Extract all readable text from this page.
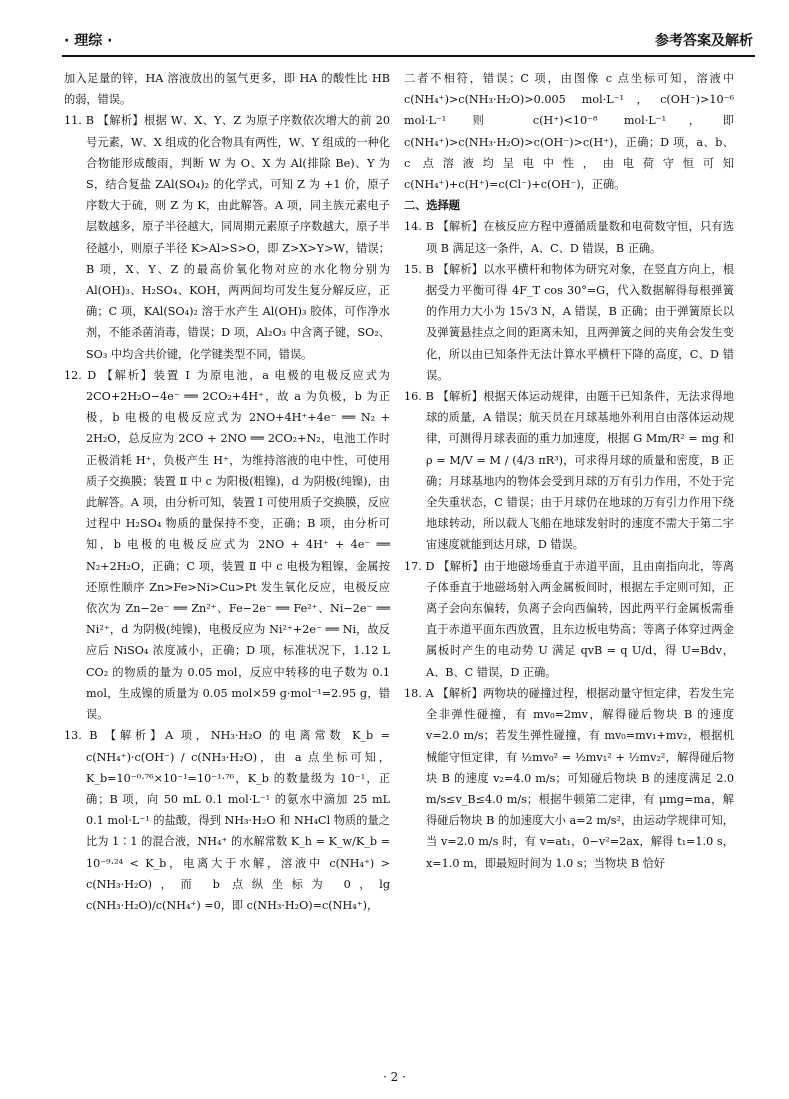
· 理综 ·	参考答案及解析

加入足量的锌，HA 溶液放出的氢气更多，即 HA 的酸性比 HB 的弱，错误。

11. B 【解析】根据 W、X、Y、Z 为原子序数依次增大的前 20 号元素，W、X 组成的化合物具有两性，W、Y 组成的一种化合物能形成酸雨，判断 W 为 O、X 为 Al(排除 Be)、Y 为 S，结合复盐 ZAl(SO₄)₂ 的化学式，可知 Z 为 +1 价，原子序数大于硫，则 Z 为 K，由此解答。A 项，同主族元素电子层数越多，原子半径越大，同周期元素原子序数越大，原子半径越小，则原子半径 K>Al>S>O，即 Z>X>Y>W，错误；B 项，X、Y、Z 的最高价氧化物对应的水化物分别为 Al(OH)₃、H₂SO₄、KOH，两两间均可发生复分解反应，正确；C 项，KAl(SO₄)₂ 溶于水产生 Al(OH)₃ 胶体，可作净水剂，不能杀菌消毒，错误；D 项，Al₂O₃ 中含离子键，SO₂、SO₃ 中均含共价键，化学键类型不同，错误。

12. D 【解析】装置 Ⅰ 为原电池，a 电极的电极反应式为 2CO+2H₂O−4e⁻ ══ 2CO₂+4H⁺，故 a 为负极，b 为正极，b 电极的电极反应式为 2NO+4H⁺+4e⁻ ══ N₂ + 2H₂O，总反应为 2CO + 2NO ══ 2CO₂+N₂，电池工作时正极消耗 H⁺，负极产生 H⁺，为维持溶液的电中性，可使用质子交换膜；装置 Ⅱ 中 c 为阳极(粗镍)，d 为阴极(纯镍)，由此解答。A 项，由分析可知，装置 Ⅰ 可使用质子交换膜，反应过程中 H₂SO₄ 物质的量保持不变，正确；B 项，由分析可知，b 电极的电极反应式为 2NO + 4H⁺ + 4e⁻ ══ N₂+2H₂O，正确；C 项，装置 Ⅱ 中 c 电极为粗镍，金属按还原性顺序 Zn>Fe>Ni>Cu>Pt 发生氧化反应，电极反应依次为 Zn−2e⁻ ══ Zn²⁺、Fe−2e⁻ ══ Fe²⁺、Ni−2e⁻ ══ Ni²⁺，d 为阴极(纯镍)，电极反应为 Ni²⁺+2e⁻ ══ Ni，故反应后 NiSO₄ 浓度减小，正确；D 项，标准状况下，1.12 L CO₂ 的物质的量为 0.05 mol，反应中转移的电子数为 0.1 mol，生成镍的质量为 0.05 mol×59 g·mol⁻¹=2.95 g，错误。

13. B 【解析】A 项，NH₃·H₂O 的电离常数 K_b = c(NH₄⁺)·c(OH⁻) / c(NH₃·H₂O)，由 a 点坐标可知，K_b=10⁻⁰·⁷⁶×10⁻¹=10⁻¹·⁷⁶，K_b 的数量级为 10⁻¹，正确；B 项，向 50 mL 0.1 mol·L⁻¹ 的氨水中滴加 25 mL 0.1 mol·L⁻¹ 的盐酸，得到 NH₃·H₂O 和 NH₄Cl 物质的量之比为 1∶1 的混合液，NH₄⁺ 的水解常数 K_h = K_w/K_b = 10⁻⁹·²⁴ < K_b，电离大于水解，溶液中 c(NH₄⁺) > c(NH₃·H₂O)，而 b 点纵坐标为 0，lg c(NH₃·H₂O)/c(NH₄⁺) =0，即 c(NH₃·H₂O)=c(NH₄⁺)，

二者不相符，错误；C 项，由图像 c 点坐标可知，溶液中 c(NH₄⁺)>c(NH₃·H₂O)>0.005 mol·L⁻¹，c(OH⁻)>10⁻⁶ mol·L⁻¹ 则 c(H⁺)<10⁻⁸ mol·L⁻¹，即 c(NH₄⁺)>c(NH₃·H₂O)>c(OH⁻)>c(H⁺)，正确；D 项，a、b、c 点溶液均呈电中性，由电荷守恒可知 c(NH₄⁺)+c(H⁺)=c(Cl⁻)+c(OH⁻)，正确。

二、选择题

14. B 【解析】在核反应方程中遵循质量数和电荷数守恒，只有选项 B 满足这一条件，A、C、D 错误，B 正确。

15. B 【解析】以水平横杆和物体为研究对象，在竖直方向上，根据受力平衡可得 4F_T cos 30°=G，代入数据解得每根弹簧的作用力大小为 15√3 N，A 错误，B 正确；由于弹簧原长以及弹簧悬挂点之间的距离未知，且两弹簧之间的夹角会发生变化，所以由已知条件无法计算水平横杆下降的高度，C、D 错误。

16. B 【解析】根据天体运动规律，由题干已知条件，无法求得地球的质量，A 错误；航天员在月球基地外利用自由落体运动规律，可测得月球表面的重力加速度，根据 G Mm/R² = mg 和 ρ = M/V = M / (4/3 πR³)，可求得月球的质量和密度，B 正确；月球基地内的物体会受到月球的万有引力作用，不处于完全失重状态，C 错误；由于月球仍在地球的万有引力作用下绕地球转动，所以载人飞船在地球发射时的速度不需大于第二宇宙速度就能到达月球，D 错误。

17. D 【解析】由于地磁场垂直于赤道平面，且由南指向北，等离子体垂直于地磁场射入两金属板间时，根据左手定则可知，正离子会向东偏转，负离子会向西偏转，因此两平行金属板需垂直于赤道平面东西放置，且东边板电势高；等离子体穿过两金属板时产生的电动势 U 满足 qvB = q U/d，得 U=Bdv，A、B、C 错误，D 正确。

18. A 【解析】两物块的碰撞过程，根据动量守恒定律，若发生完全非弹性碰撞，有 mv₀=2mv，解得碰后物块 B 的速度 v=2.0 m/s；若发生弹性碰撞，有 mv₀=mv₁+mv₂，根据机械能守恒定律，有 ½mv₀² = ½mv₁² + ½mv₂²，解得碰后物块 B 的速度 v₂=4.0 m/s；可知碰后物块 B 的速度满足 2.0 m/s≤v_B≤4.0 m/s；根据牛顿第二定律，有 μmg=ma，解得碰后物块 B 的加速度大小 a=2 m/s²，由运动学规律可知，当 v=2.0 m/s 时，有 v=at₁，0−v²=2ax，解得 t₁=1.0 s，x=1.0 m，即最短时间为 1.0 s；当物块 B 恰好

· 2 ·
